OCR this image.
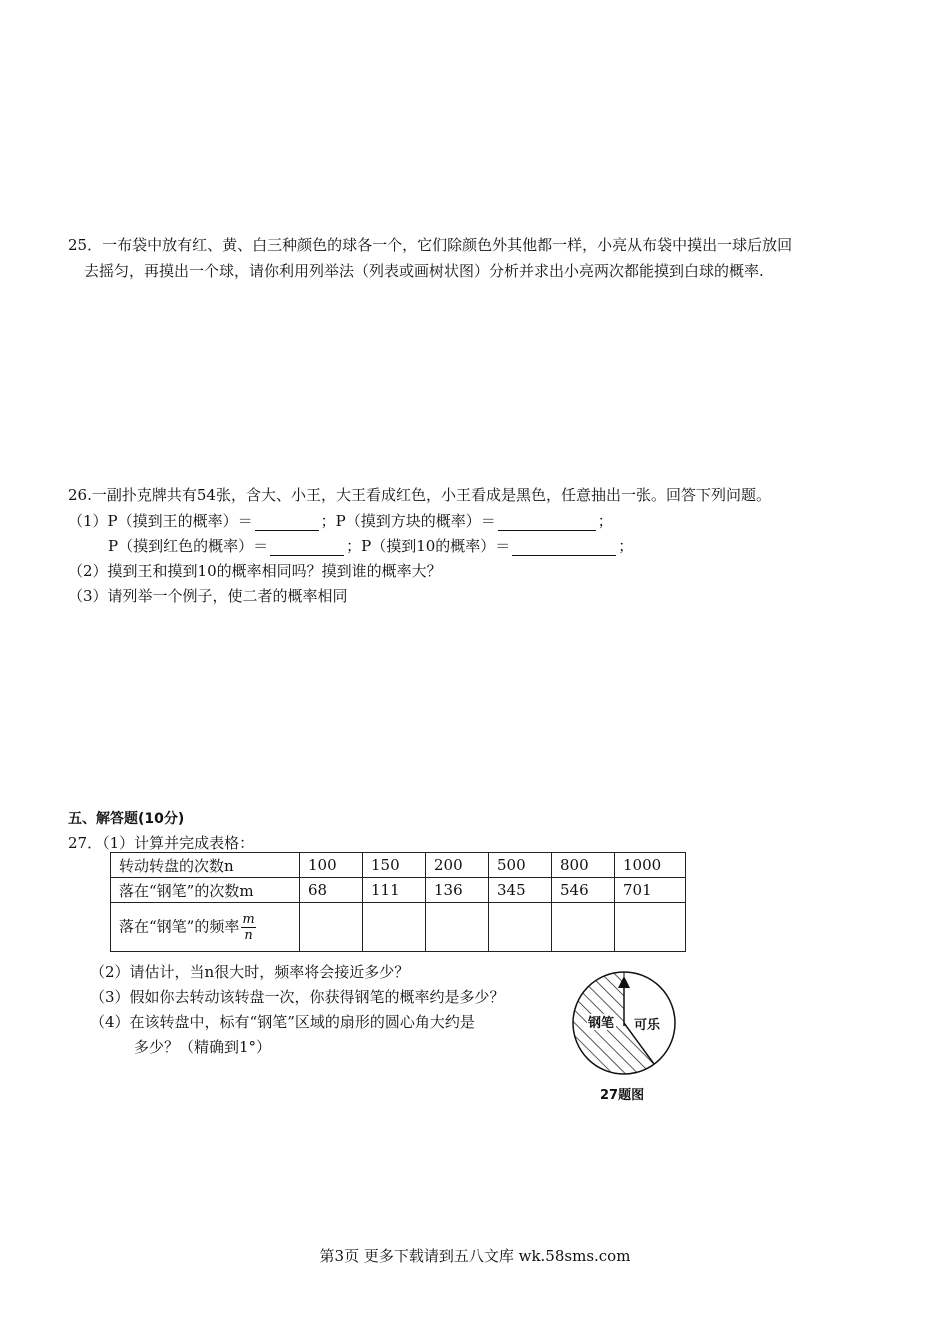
25．一布袋中放有红、黄、白三种颜色的球各一个，它们除颜色外其他都一样，小亮从布袋中摸出一球后放回
去摇匀，再摸出一个球，请你利用列举法（列表或画树状图）分析并求出小亮两次都能摸到白球的概率.
26.一副扑克牌共有54张，含大、小王，大王看成红色，小王看成是黑色，任意抽出一张。回答下列问题。
（1）P（摸到王的概率）＝	；P（摸到方块的概率）＝	；
P（摸到红色的概率）＝	；P（摸到10的概率）＝	；
（2）摸到王和摸到10的概率相同吗？摸到谁的概率大？
（3）请列举一个例子，使二者的概率相同
五、解答题(10分)
27．（1）计算并完成表格：
转动转盘的次数n	100	150	200	500	800	1000
落在“钢笔”的次数m	68	111	136	345	546	701
落在“钢笔”的频率 $\frac{m}{n}$

（2）请估计，当n很大时，频率将会接近多少？
（3）假如你去转动该转盘一次，你获得钢笔的概率约是多少？
（4）在该转盘中，标有“钢笔”区域的扇形的圆心角大约是
多少？（精确到1°）
钢笔 可乐
27题图
第3页 更多下载请到五八文库 wk.58sms.com
